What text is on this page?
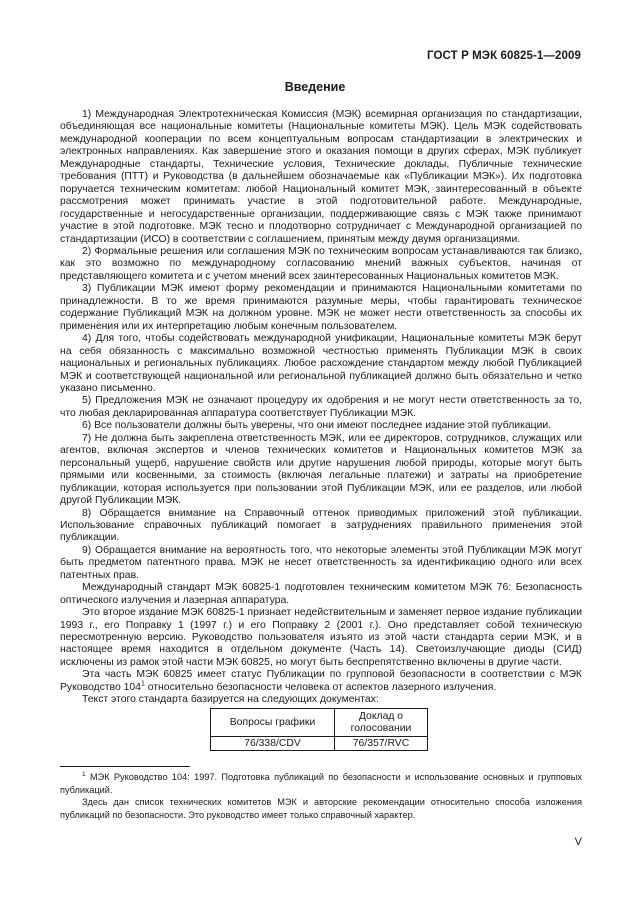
ГОСТ Р МЭК 60825-1—2009
Введение

1) Международная Электротехническая Комиссия (МЭК) всемирная организация по стандартизации, объединяющая все национальные комитеты (Национальные комитеты МЭК). Цель МЭК содействовать международной кооперации по всем концептуальным вопросам стандартизации в электрических и электронных направлениях. Как завершение этого и оказания помощи в других сферах, МЭК публикует Международные стандарты, Технические условия, Технические доклады, Публичные технические требования (ПТТ) и Руководства (в дальнейшем обозначаемые как «Публикации МЭК»). Их подготовка поручается техническим комитетам: любой Национальный комитет МЭК, заинтересованный в объекте рассмотрения может принимать участие в этой подготовительной работе. Международные, государственные и негосударственные организации, поддерживающие связь с МЭК также принимают участие в этой подготовке. МЭК тесно и плодотворно сотрудничает с Международной организацией по стандартизации (ИСО) в соответствии с соглашением, принятым между двумя организациями.

2) Формальные решения или соглашения МЭК по техническим вопросам устанавливаются так близко, как это возможно по международному согласованию мнений важных субъектов, начиная от представляющего комитета и с учетом мнений всех заинтересованных Национальных комитетов МЭК.

3) Публикации МЭК имеют форму рекомендации и принимаются Национальными комитетами по принадлежности. В то же время принимаются разумные меры, чтобы гарантировать техническое содержание Публикаций МЭК на должном уровне. МЭК не может нести ответственность за способы их применения или их интерпретацию любым конечным пользователем.

4) Для того, чтобы содействовать международной унификации, Национальные комитеты МЭК берут на себя обязанность с максимально возможной честностью применять Публикации МЭК в своих национальных и региональных публикациях. Любое расхождение стандартом между любой Публикацией МЭК и соответствующей национальной или региональной публикацией должно быть обязательно и четко указано письменно.

5) Предложения МЭК не означают процедуру их одобрения и не могут нести ответственность за то, что любая декларированная аппаратура соответствует Публикации МЭК.

6) Все пользователи должны быть уверены, что они имеют последнее издание этой публикации.

7) Не должна быть закреплена ответственность МЭК, или ее директоров, сотрудников, служащих или агентов, включая экспертов и членов технических комитетов и Национальных комитетов МЭК за персональный ущерб, нарушение свойств или другие нарушения любой природы, которые могут быть прямыми или косвенными, за стоимость (включая легальные платежи) и затраты на приобретение публикации, которая используется при пользовании этой Публикации МЭК, или ее разделов, или любой другой Публикации МЭК.

8) Обращается внимание на Справочный оттенок приводимых приложений этой публикации. Использование справочных публикаций помогает в затруднениях правильного применения этой публикации.

9) Обращается внимание на вероятность того, что некоторые элементы этой Публикации МЭК могут быть предметом патентного права. МЭК не несет ответственность за идентификацию одного или всех патентных прав.

Международный стандарт МЭК 60825-1 подготовлен техническим комитетом МЭК 76: Безопасность оптического излучения и лазерная аппаратура.

Это второе издание МЭК 60825-1 признает недействительным и заменяет первое издание публикации 1993 г., его Поправку 1 (1997 г.) и его Поправку 2 (2001 г.). Оно представляет собой техническую пересмотренную версию. Руководство пользователя изъято из этой части стандарта серии МЭК, и в настоящее время находится в отдельном документе (Часть 14). Светоизлучающие диоды (СИД) исключены из рамок этой части МЭК 60825, но могут быть беспрепятственно включены в другие части.

Эта часть МЭК 60825 имеет статус Публикации по групповой безопасности в соответствии с МЭК Руководство $104^1$ относительно безопасности человека от аспектов лазерного излучения.

Текст этого стандарта базируется на следующих документах:

Вопросы графики	Доклад о голосовании
76/338/CDV	76/357/RVC

$^1$ МЭК Руководство 104: 1997. Подготовка публикаций по безопасности и использование основных и групповых публикаций.

Здесь дан список технических комитетов МЭК и авторские рекомендации относительно способа изложения публикаций по безопасности. Это руководство имеет только справочный характер.

V
